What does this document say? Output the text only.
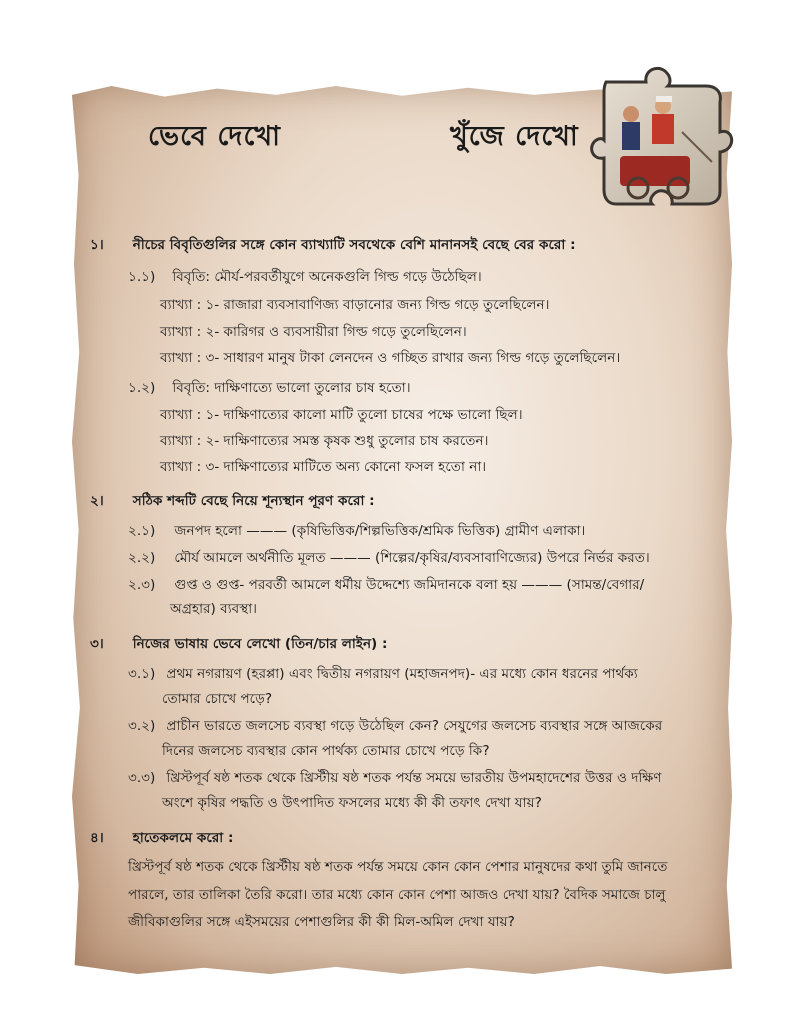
ভেবে দেখো	খুঁজে দেখো
১। নীচের বিবৃতিগুলির সঙ্গে কোন ব্যাখ্যাটি সবথেকে বেশি মানানসই বেছে বের করো :
১.১) বিবৃতি: মৌর্য-পরবর্তীযুগে অনেকগুলি গিল্ড গড়ে উঠেছিল।
ব্যাখ্যা : ১- রাজারা ব্যবসাবাণিজ্য বাড়ানোর জন্য গিল্ড গড়ে তুলেছিলেন।
ব্যাখ্যা : ২- কারিগর ও ব্যবসায়ীরা গিল্ড গড়ে তুলেছিলেন।
ব্যাখ্যা : ৩- সাধারণ মানুষ টাকা লেনদেন ও গচ্ছিত রাখার জন্য গিল্ড গড়ে তুলেছিলেন।
১.২) বিবৃতি: দাক্ষিণাত্যে ভালো তুলোর চাষ হতো।
ব্যাখ্যা : ১- দাক্ষিণাত্যের কালো মাটি তুলো চাষের পক্ষে ভালো ছিল।
ব্যাখ্যা : ২- দাক্ষিণাত্যের সমস্ত কৃষক শুধু তুলোর চাষ করতেন।
ব্যাখ্যা : ৩- দাক্ষিণাত্যের মাটিতে অন্য কোনো ফসল হতো না।
২। সঠিক শব্দটি বেছে নিয়ে শূন্যস্থান পূরণ করো :
২.১) জনপদ হলো ——— (কৃষিভিত্তিক/শিল্পভিত্তিক/শ্রমিক ভিত্তিক) গ্রামীণ এলাকা।
২.২) মৌর্য আমলে অর্থনীতি মূলত ——— (শিল্পের/কৃষির/ব্যবসাবাণিজ্যের) উপরে নির্ভর করত।
২.৩) গুপ্ত ও গুপ্ত- পরবর্তী আমলে ধর্মীয় উদ্দেশ্যে জমিদানকে বলা হয় ——— (সামন্ত/বেগার/
অগ্রহার) ব্যবস্থা।
৩। নিজের ভাষায় ভেবে লেখো (তিন/চার লাইন) :
৩.১) প্রথম নগরায়ণ (হরপ্পা) এবং দ্বিতীয় নগরায়ণ (মহাজনপদ)- এর মধ্যে কোন ধরনের পার্থক্য
তোমার চোখে পড়ে?
৩.২) প্রাচীন ভারতে জলসেচ ব্যবস্থা গড়ে উঠেছিল কেন? সেযুগের জলসেচ ব্যবস্থার সঙ্গে আজকের
দিনের জলসেচ ব্যবস্থার কোন পার্থক্য তোমার চোখে পড়ে কি?
৩.৩) খ্রিস্টপূর্ব ষষ্ঠ শতক থেকে খ্রিস্টীয় ষষ্ঠ শতক পর্যন্ত সময়ে ভারতীয় উপমহাদেশের উত্তর ও দক্ষিণ
অংশে কৃষির পদ্ধতি ও উৎপাদিত ফসলের মধ্যে কী কী তফাৎ দেখা যায়?
৪। হাতেকলমে করো :
খ্রিস্টপূর্ব ষষ্ঠ শতক থেকে খ্রিস্টীয় ষষ্ঠ শতক পর্যন্ত সময়ে কোন কোন পেশার মানুষদের কথা তুমি জানতে
পারলে, তার তালিকা তৈরি করো। তার মধ্যে কোন কোন পেশা আজও দেখা যায়? বৈদিক সমাজে চালু
জীবিকাগুলির সঙ্গে এইসময়ের পেশাগুলির কী কী মিল-অমিল দেখা যায়?
